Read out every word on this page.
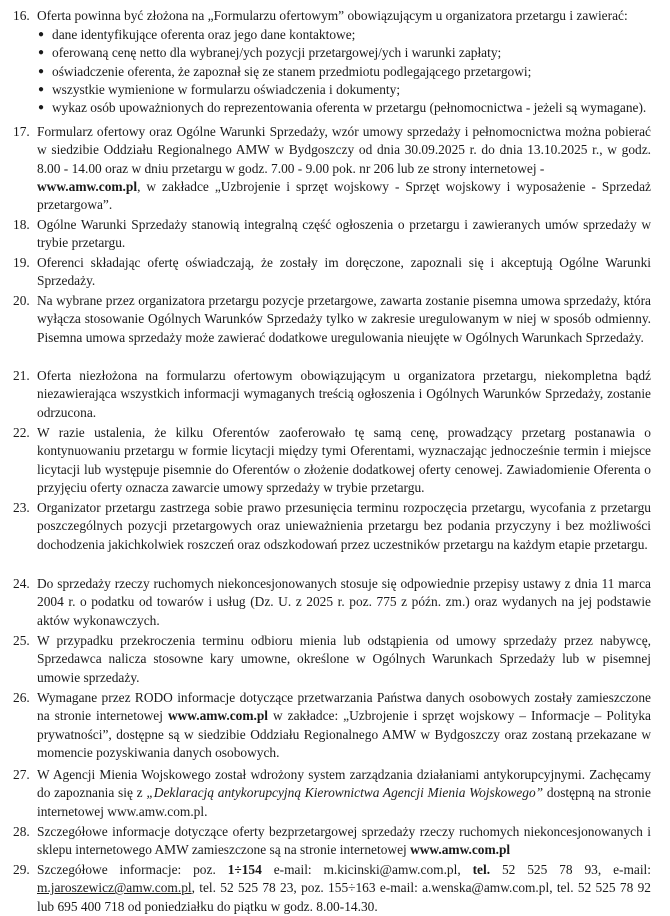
16. Oferta powinna być złożona na „Formularzu ofertowym” obowiązującym u organizatora przetargu i zawierać:
● dane identyfikujące oferenta oraz jego dane kontaktowe;
● oferowaną cenę netto dla wybranej/ych pozycji przetargowej/ych i warunki zapłaty;
● oświadczenie oferenta, że zapoznał się ze stanem przedmiotu podlegającego przetargowi;
● wszystkie wymienione w formularzu oświadczenia i dokumenty;
● wykaz osób upoważnionych do reprezentowania oferenta w przetargu (pełnomocnictwa - jeżeli są wymagane).
17. Formularz ofertowy oraz Ogólne Warunki Sprzedaży, wzór umowy sprzedaży i pełnomocnictwa można pobierać w siedzibie Oddziału Regionalnego AMW w Bydgoszczy od dnia 30.09.2025 r. do dnia 13.10.2025 r., w godz. 8.00 - 14.00 oraz w dniu przetargu w godz. 7.00 - 9.00 pok. nr 206 lub ze strony internetowej -
www.amw.com.pl, w zakładce „Uzbrojenie i sprzęt wojskowy - Sprzęt wojskowy i wyposażenie - Sprzedaż przetargowa”.
18. Ogólne Warunki Sprzedaży stanowią integralną część ogłoszenia o przetargu i zawieranych umów sprzedaży w trybie przetargu.
19. Oferenci składając ofertę oświadczają, że zostały im doręczone, zapoznali się i akceptują Ogólne Warunki Sprzedaży.
20. Na wybrane przez organizatora przetargu pozycje przetargowe, zawarta zostanie pisemna umowa sprzedaży, która wyłącza stosowanie Ogólnych Warunków Sprzedaży tylko w zakresie uregulowanym w niej w sposób odmienny. Pisemna umowa sprzedaży może zawierać dodatkowe uregulowania nieujęte w Ogólnych Warunkach Sprzedaży.
21. Oferta niezłożona na formularzu ofertowym obowiązującym u organizatora przetargu, niekompletna bądź niezawierająca wszystkich informacji wymaganych treścią ogłoszenia i Ogólnych Warunków Sprzedaży, zostanie odrzucona.
22. W razie ustalenia, że kilku Oferentów zaoferowało tę samą cenę, prowadzący przetarg postanawia o kontynuowaniu przetargu w formie licytacji między tymi Oferentami, wyznaczając jednocześnie termin i miejsce licytacji lub występuje pisemnie do Oferentów o złożenie dodatkowej oferty cenowej. Zawiadomienie Oferenta o przyjęciu oferty oznacza zawarcie umowy sprzedaży w trybie przetargu.
23. Organizator przetargu zastrzega sobie prawo przesunięcia terminu rozpoczęcia przetargu, wycofania z przetargu poszczególnych pozycji przetargowych oraz unieważnienia przetargu bez podania przyczyny i bez możliwości dochodzenia jakichkolwiek roszczeń oraz odszkodowań przez uczestników przetargu na każdym etapie przetargu.
24. Do sprzedaży rzeczy ruchomych niekoncesjonowanych stosuje się odpowiednie przepisy ustawy z dnia 11 marca 2004 r. o podatku od towarów i usług (Dz. U. z 2025 r. poz. 775 z późn. zm.) oraz wydanych na jej podstawie aktów wykonawczych.
25. W przypadku przekroczenia terminu odbioru mienia lub odstąpienia od umowy sprzedaży przez nabywcę, Sprzedawca nalicza stosowne kary umowne, określone w Ogólnych Warunkach Sprzedaży lub w pisemnej umowie sprzedaży.
26. Wymagane przez RODO informacje dotyczące przetwarzania Państwa danych osobowych zostały zamieszczone na stronie internetowej www.amw.com.pl w zakładce: „Uzbrojenie i sprzęt wojskowy – Informacje – Polityka prywatności”, dostępne są w siedzibie Oddziału Regionalnego AMW w Bydgoszczy oraz zostaną przekazane w momencie pozyskiwania danych osobowych.
27. W Agencji Mienia Wojskowego został wdrożony system zarządzania działaniami antykorupcyjnymi. Zachęcamy do zapoznania się z „Deklaracją antykorupcyjną Kierownictwa Agencji Mienia Wojskowego” dostępną na stronie internetowej www.amw.com.pl.
28. Szczegółowe informacje dotyczące oferty bezprzetargowej sprzedaży rzeczy ruchomych niekoncesjonowanych i sklepu internetowego AMW zamieszczone są na stronie internetowej www.amw.com.pl
29. Szczegółowe informacje: poz. 1÷154 e-mail: m.kicinski@amw.com.pl, tel. 52 525 78 93, e-mail: m.jaroszewicz@amw.com.pl, tel. 52 525 78 23, poz. 155÷163 e-mail: a.wenska@amw.com.pl, tel. 52 525 78 92 lub 695 400 718 od poniedziałku do piątku w godz. 8.00-14.30.
